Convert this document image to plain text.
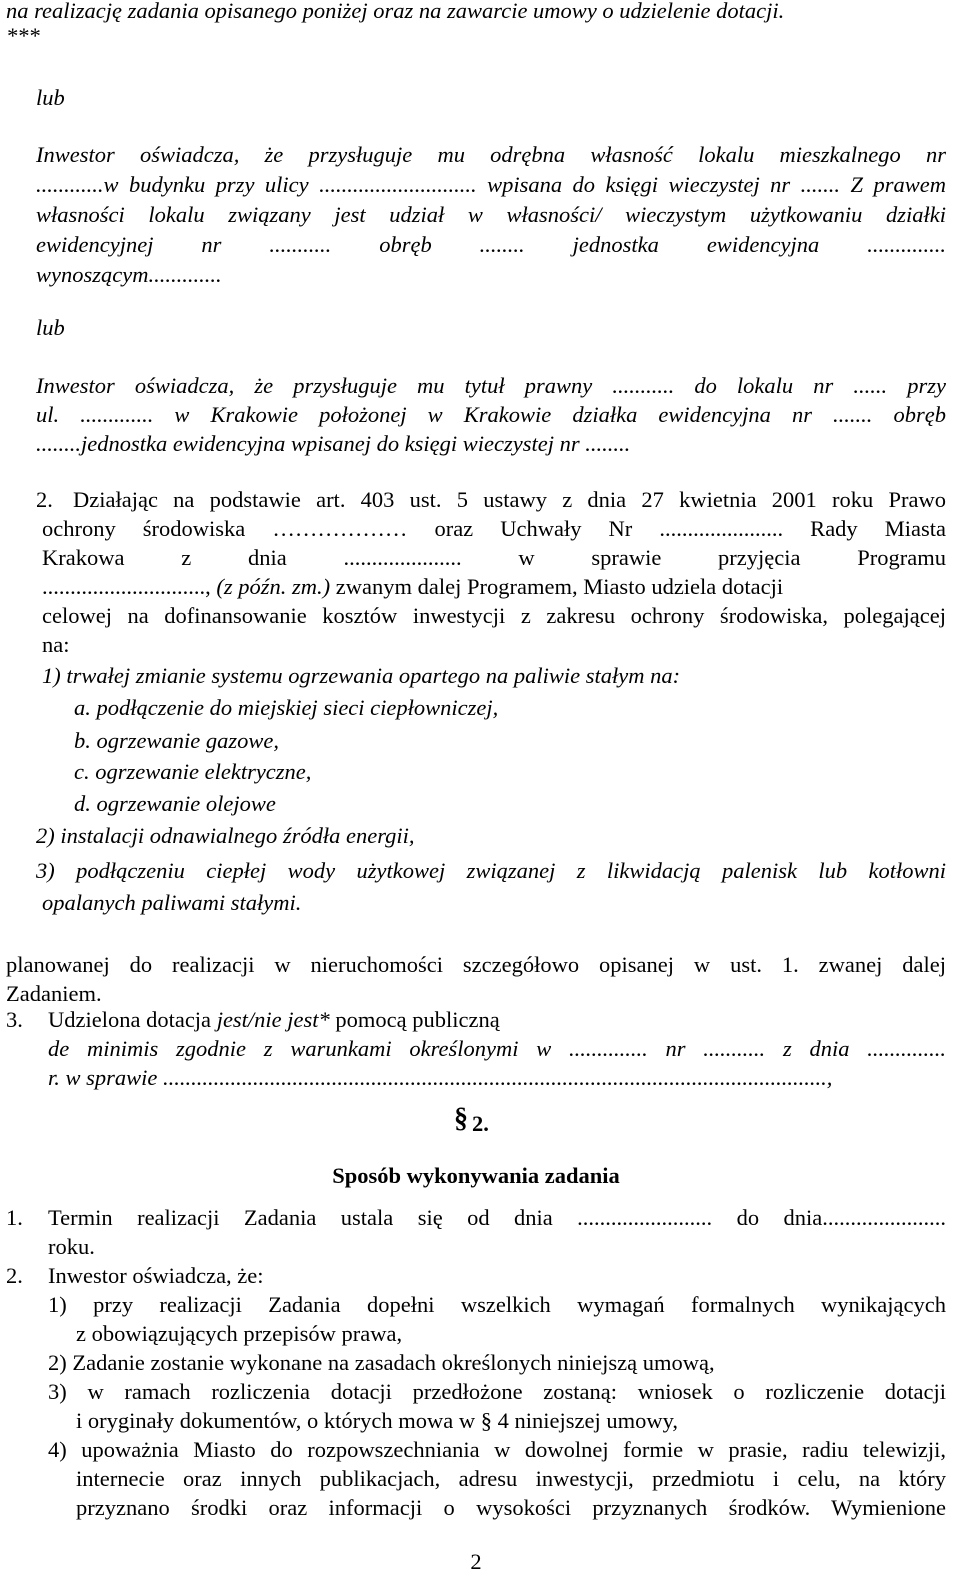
na realizację zadania opisanego poniżej oraz na zawarcie umowy o udzielenie dotacji.
***
lub
Inwestor oświadcza, że przysługuje mu odrębna własność lokalu mieszkalnego nr
............w budynku przy ulicy ............................ wpisana do księgi wieczystej nr ....... Z prawem
własności lokalu związany jest udział w własności/ wieczystym użytkowaniu działki
ewidencyjnej nr ........... obręb ........ jednostka ewidencyjna ..............
wynoszącym.............
lub
Inwestor oświadcza, że przysługuje mu tytuł prawny ........... do lokalu nr ...... przy
ul. ............. w Krakowie położonej w Krakowie działka ewidencyjna nr ....... obręb
........jednostka ewidencyjna wpisanej do księgi wieczystej nr ........
2. Działając na podstawie art. 403 ust. 5 ustawy z dnia 27 kwietnia 2001 roku Prawo
ochrony środowiska ……………… oraz Uchwały Nr ...................... Rady Miasta
Krakowa z dnia ..................... w sprawie przyjęcia Programu
............................., (z późn. zm.) zwanym dalej Programem, Miasto udziela dotacji
celowej na dofinansowanie kosztów inwestycji z zakresu ochrony środowiska, polegającej
na:
1) trwałej zmianie systemu ogrzewania opartego na paliwie stałym na:
a. podłączenie do miejskiej sieci ciepłowniczej,
b. ogrzewanie gazowe,
c. ogrzewanie elektryczne,
d. ogrzewanie olejowe
2) instalacji odnawialnego źródła energii,
3) podłączeniu ciepłej wody użytkowej związanej z likwidacją palenisk lub kotłowni
opalanych paliwami stałymi.
planowanej do realizacji w nieruchomości szczegółowo opisanej w ust. 1. zwanej dalej
Zadaniem.
3. Udzielona dotacja jest/nie jest* pomocą publiczną
de minimis zgodnie z warunkami określonymi w .............. nr ........... z dnia ..............
r. w sprawie ......................................................................................................................,
§ 2.
Sposób wykonywania zadania
1. Termin realizacji Zadania ustala się od dnia ........................ do dnia......................
roku.
2. Inwestor oświadcza, że:
1) przy realizacji Zadania dopełni wszelkich wymagań formalnych wynikających
z obowiązujących przepisów prawa,
2) Zadanie zostanie wykonane na zasadach określonych niniejszą umową,
3) w ramach rozliczenia dotacji przedłożone zostaną: wniosek o rozliczenie dotacji
i oryginały dokumentów, o których mowa w § 4 niniejszej umowy,
4) upoważnia Miasto do rozpowszechniania w dowolnej formie w prasie, radiu telewizji,
internecie oraz innych publikacjach, adresu inwestycji, przedmiotu i celu, na który
przyznano środki oraz informacji o wysokości przyznanych środków. Wymienione
2
